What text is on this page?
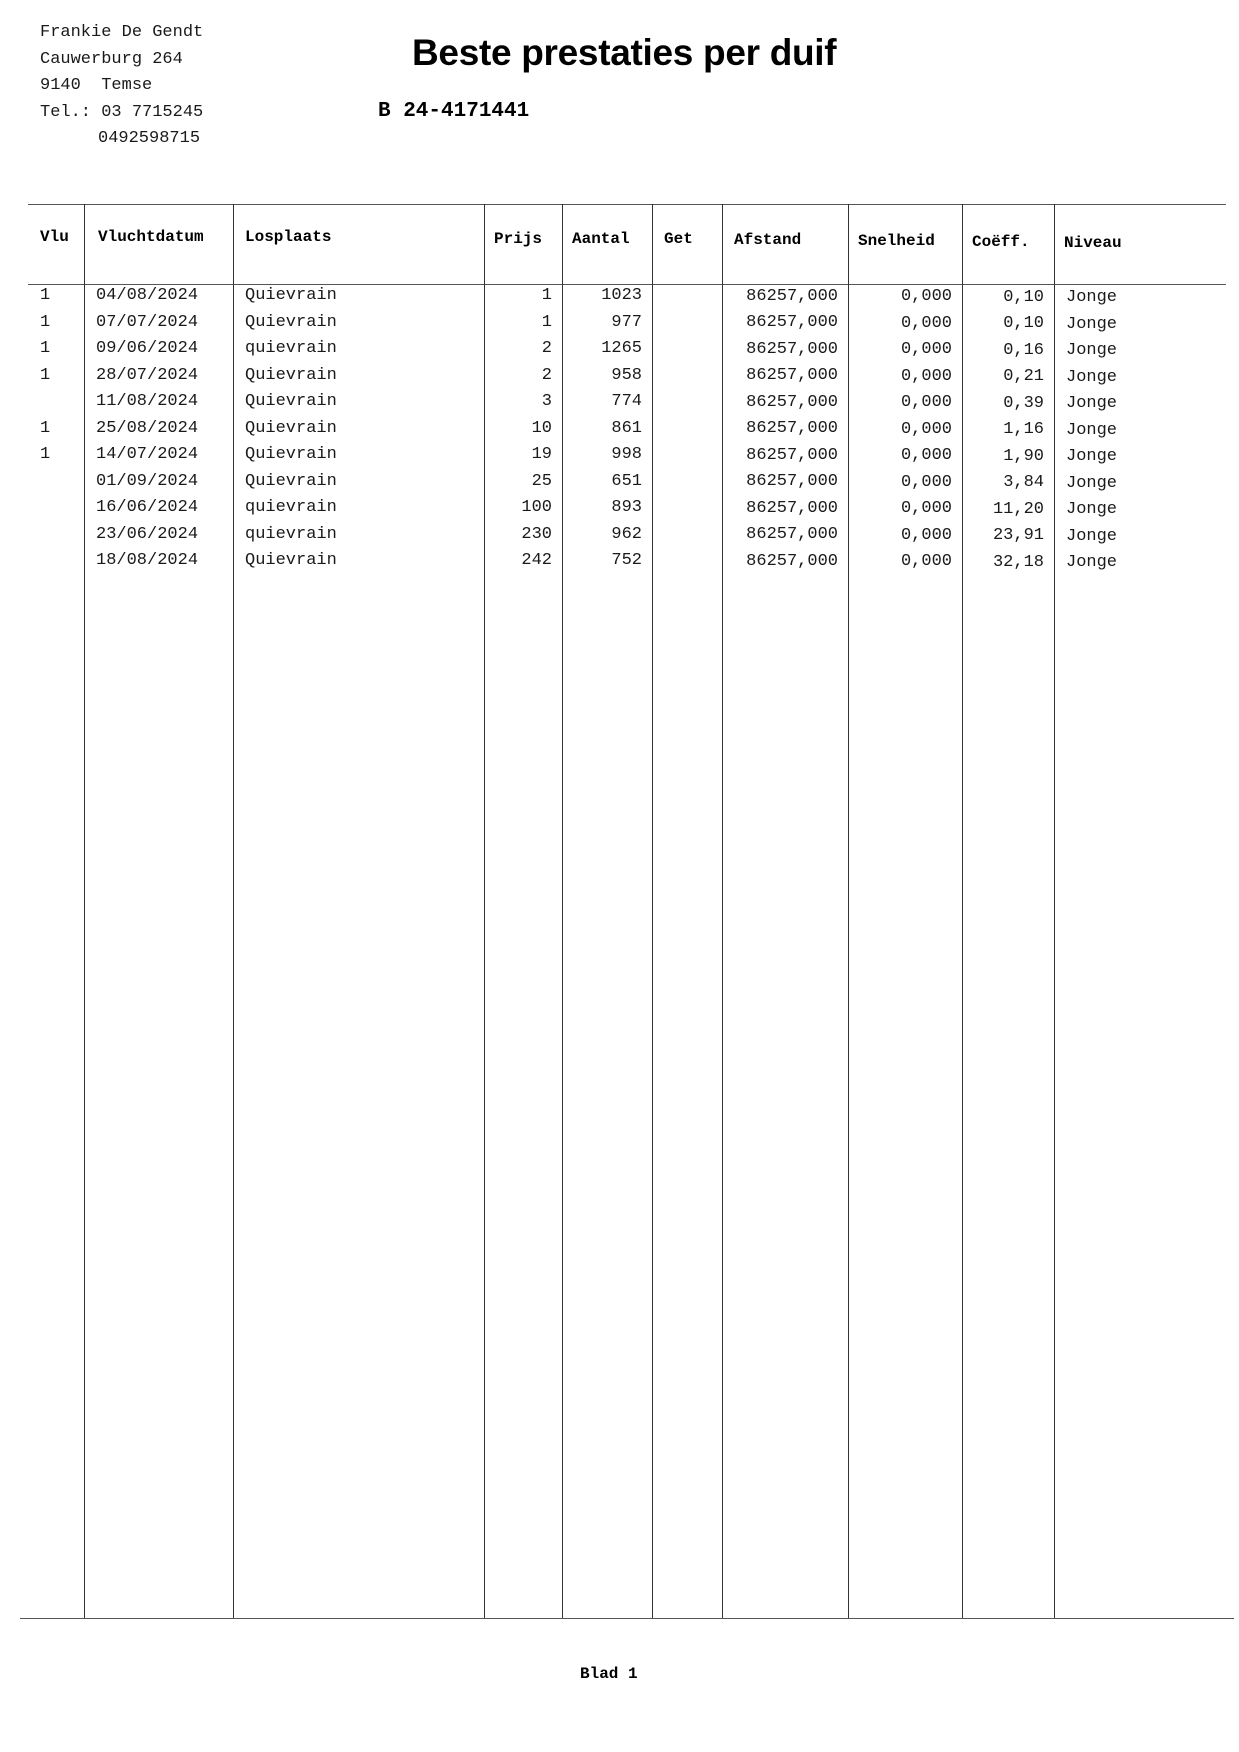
Frankie De Gendt
Cauwerburg 264
9140  Temse
Tel.: 03 7715245
0492598715
Beste prestaties per duif
B 24-4171441
Vlu Vluchtdatum	Losplaats	Prijs Aantal Get	Afstand	Snelheid Coëff. Niveau
1	04/08/2024	Quievrain	1	1023	86257,000	0,000	0,10 Jonge
1	07/07/2024	Quievrain	1	977	86257,000	0,000	0,10 Jonge
1	09/06/2024	quievrain	2	1265	86257,000	0,000	0,16 Jonge
1	28/07/2024	Quievrain	2	958	86257,000	0,000	0,21 Jonge
11/08/2024	Quievrain	3	774	86257,000	0,000	0,39 Jonge
1	25/08/2024	Quievrain	10	861	86257,000	0,000	1,16 Jonge
1	14/07/2024	Quievrain	19	998	86257,000	0,000	1,90 Jonge
01/09/2024	Quievrain	25	651	86257,000	0,000	3,84 Jonge
16/06/2024	quievrain	100	893	86257,000	0,000	11,20 Jonge
23/06/2024	quievrain	230	962	86257,000	0,000	23,91 Jonge
18/08/2024	Quievrain	242	752	86257,000	0,000	32,18 Jonge
Blad 1
